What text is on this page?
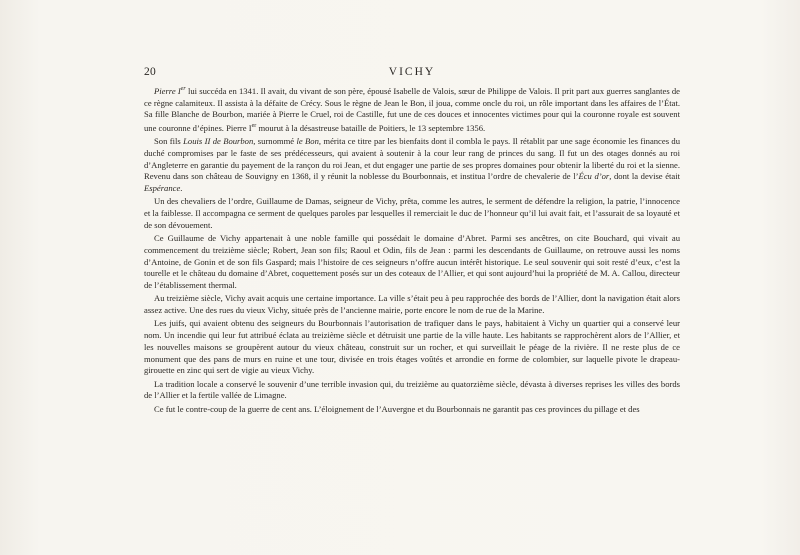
20	VICHY

Pierre Ier lui succéda en 1341. Il avait, du vivant de son père, épousé Isabelle de Valois, sœur de Philippe de Valois. Il prit part aux guerres sanglantes de ce règne calamiteux. Il assista à la défaite de Crécy. Sous le règne de Jean le Bon, il joua, comme oncle du roi, un rôle important dans les affaires de l’État. Sa fille Blanche de Bourbon, mariée à Pierre le Cruel, roi de Castille, fut une de ces douces et innocentes victimes pour qui la couronne royale est souvent une couronne d’épines. Pierre Ier mourut à la désastreuse bataille de Poitiers, le 13 septembre 1356.

Son fils Louis II de Bourbon, surnommé le Bon, mérita ce titre par les bienfaits dont il combla le pays. Il rétablit par une sage économie les finances du duché compromises par le faste de ses prédécesseurs, qui avaient à soutenir à la cour leur rang de princes du sang. Il fut un des otages donnés au roi d’Angleterre en garantie du payement de la rançon du roi Jean, et dut engager une partie de ses propres domaines pour obtenir la liberté du roi et la sienne. Revenu dans son château de Souvigny en 1368, il y réunit la noblesse du Bourbonnais, et institua l’ordre de chevalerie de l’Écu d’or, dont la devise était Espérance.

Un des chevaliers de l’ordre, Guillaume de Damas, seigneur de Vichy, prêta, comme les autres, le serment de défendre la religion, la patrie, l’innocence et la faiblesse. Il accompagna ce serment de quelques paroles par lesquelles il remerciait le duc de l’honneur qu’il lui avait fait, et l’assurait de sa loyauté et de son dévouement.

Ce Guillaume de Vichy appartenait à une noble famille qui possédait le domaine d’Abret. Parmi ses ancêtres, on cite Bouchard, qui vivait au commencement du treizième siècle; Robert, Jean son fils; Raoul et Odin, fils de Jean : parmi les descendants de Guillaume, on retrouve aussi les noms d’Antoine, de Gonin et de son fils Gaspard; mais l’histoire de ces seigneurs n’offre aucun intérêt historique. Le seul souvenir qui soit resté d’eux, c’est la tourelle et le château du domaine d’Abret, coquettement posés sur un des coteaux de l’Allier, et qui sont aujourd’hui la propriété de M. A. Callou, directeur de l’établissement thermal.

Au treizième siècle, Vichy avait acquis une certaine importance. La ville s’était peu à peu rapprochée des bords de l’Allier, dont la navigation était alors assez active. Une des rues du vieux Vichy, située près de l’ancienne mairie, porte encore le nom de rue de la Marine.

Les juifs, qui avaient obtenu des seigneurs du Bourbonnais l’autorisation de trafiquer dans le pays, habitaient à Vichy un quartier qui a conservé leur nom. Un incendie qui leur fut attribué éclata au treizième siècle et détruisit une partie de la ville haute. Les habitants se rapprochèrent alors de l’Allier, et les nouvelles maisons se groupèrent autour du vieux château, construit sur un rocher, et qui surveillait le péage de la rivière. Il ne reste plus de ce monument que des pans de murs en ruine et une tour, divisée en trois étages voûtés et arrondie en forme de colombier, sur laquelle pivote le drapeau-girouette en zinc qui sert de vigie au vieux Vichy.

La tradition locale a conservé le souvenir d’une terrible invasion qui, du treizième au quatorzième siècle, dévasta à diverses reprises les villes des bords de l’Allier et la fertile vallée de Limagne.

Ce fut le contre-coup de la guerre de cent ans. L’éloignement de l’Auvergne et du Bourbonnais ne garantit pas ces provinces du pillage et des
